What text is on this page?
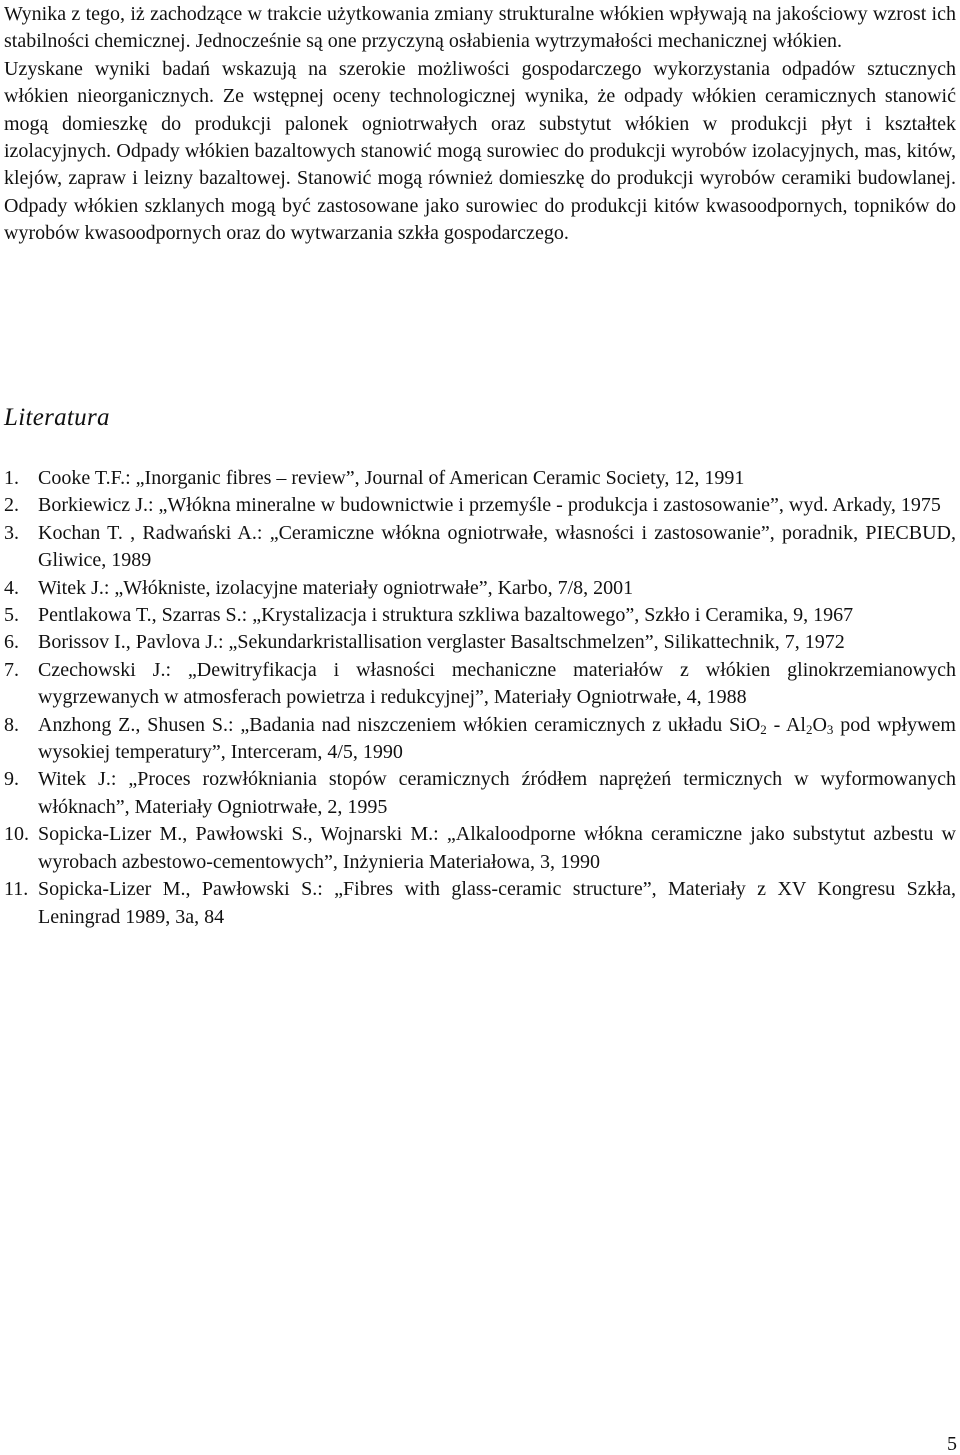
Wynika z tego, iż zachodzące w trakcie użytkowania zmiany strukturalne włókien wpływają na jakościowy wzrost ich stabilności chemicznej. Jednocześnie są one przyczyną osłabienia wytrzymałości mechanicznej włókien.

Uzyskane wyniki badań wskazują na szerokie możliwości gospodarczego wykorzystania odpadów sztucznych włókien nieorganicznych. Ze wstępnej oceny technologicznej wynika, że odpady włókien ceramicznych stanowić mogą domieszkę do produkcji palonek ogniotrwałych oraz substytut włókien w produkcji płyt i kształtek izolacyjnych. Odpady włókien bazaltowych stanowić mogą surowiec do produkcji wyrobów izolacyjnych, mas, kitów, klejów, zapraw i leizny bazaltowej. Stanowić mogą również domieszkę do produkcji wyrobów ceramiki budowlanej. Odpady włókien szklanych mogą być zastosowane jako surowiec do produkcji kitów kwasoodpornych, topników do wyrobów kwasoodpornych oraz do wytwarzania szkła gospodarczego.

Literatura
1. Cooke T.F.: „Inorganic fibres – review”, Journal of American Ceramic Society, 12, 1991
2. Borkiewicz J.: „Włókna mineralne w budownictwie i przemyśle - produkcja i zastosowanie”, wyd. Arkady, 1975
3. Kochan T. , Radwański A.: „Ceramiczne włókna ogniotrwałe, własności i zastosowanie”, poradnik, PIECBUD, Gliwice, 1989
4. Witek J.: „Włókniste, izolacyjne materiały ogniotrwałe”, Karbo, 7/8, 2001
5. Pentlakowa T., Szarras S.: „Krystalizacja i struktura szkliwa bazaltowego”, Szkło i Ceramika, 9, 1967
6. Borissov I., Pavlova J.: „Sekundarkristallisation verglaster Basaltschmelzen”, Silikattechnik, 7, 1972
7. Czechowski J.: „Dewitryfikacja i własności mechaniczne materiałów z włókien glinokrzemianowych wygrzewanych w atmosferach powietrza i redukcyjnej”, Materiały Ogniotrwałe, 4, 1988
8. Anzhong Z., Shusen S.: „Badania nad niszczeniem włókien ceramicznych z układu $SiO_2 - Al_2O_3$ pod wpływem wysokiej temperatury”, Interceram, 4/5, 1990
9. Witek J.: „Proces rozwłókniania stopów ceramicznych źródłem naprężeń termicznych w wyformowanych włóknach”, Materiały Ogniotrwałe, 2, 1995
10. Sopicka-Lizer M., Pawłowski S., Wojnarski M.: „Alkaloodporne włókna ceramiczne jako substytut azbestu w wyrobach azbestowo-cementowych”, Inżynieria Materiałowa, 3, 1990
11. Sopicka-Lizer M., Pawłowski S.: „Fibres with glass-ceramic structure”, Materiały z XV Kongresu Szkła, Leningrad 1989, 3a, 84
5
